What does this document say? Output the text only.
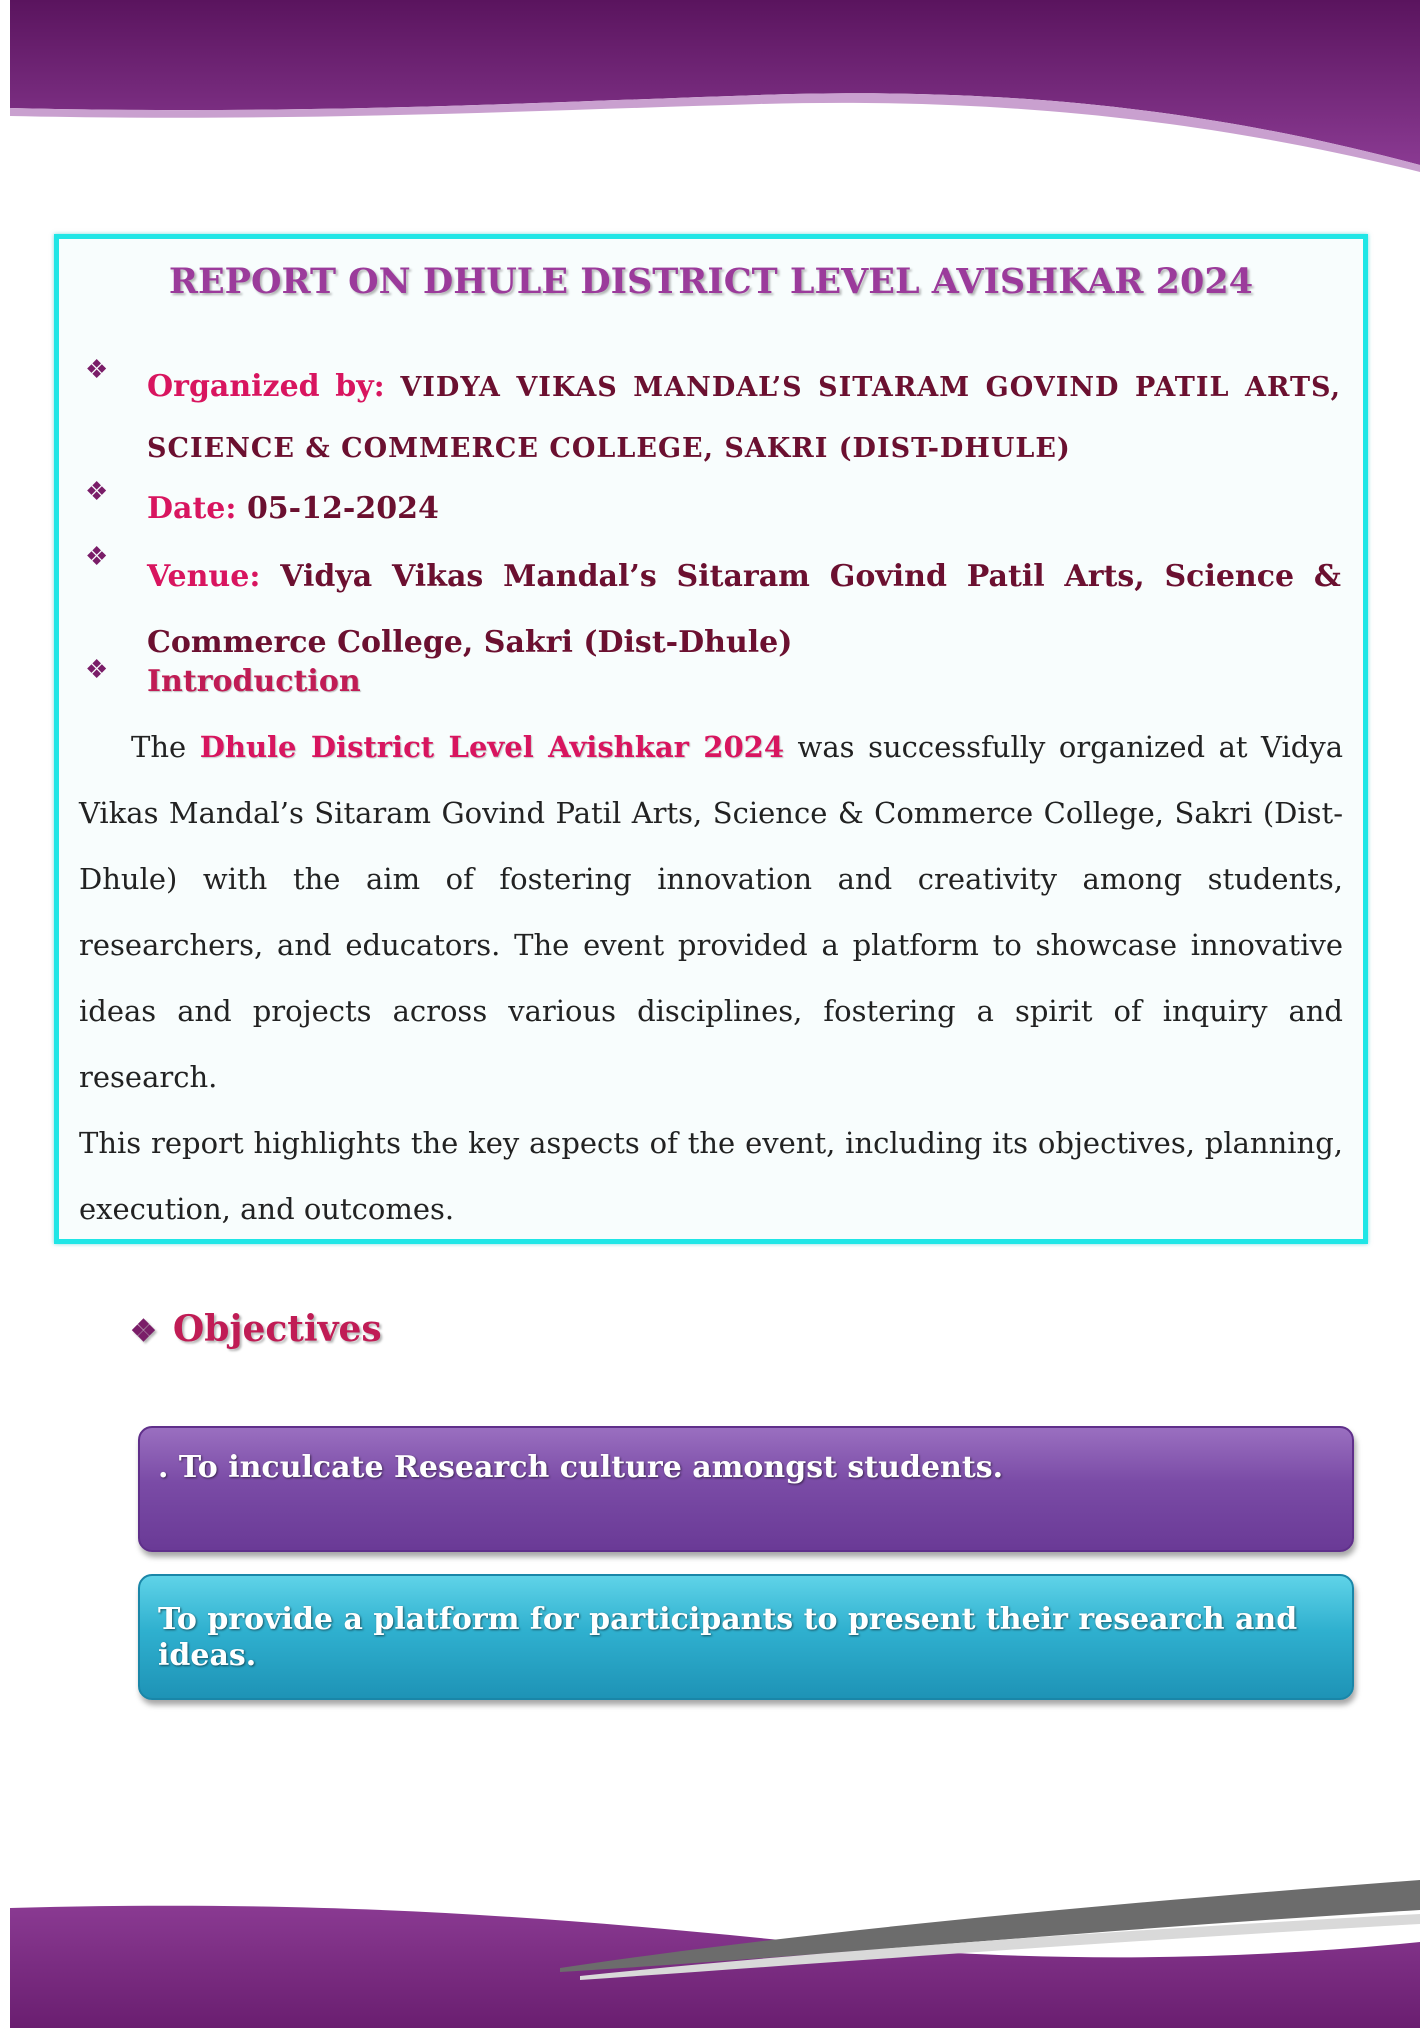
REPORT ON DHULE DISTRICT LEVEL AVISHKAR 2024
❖ Organized by: VIDYA VIKAS MANDAL’S SITARAM GOVIND PATIL ARTS, SCIENCE & COMMERCE COLLEGE, SAKRI (DIST-DHULE)
❖ Date: 05-12-2024
❖
Venue: Vidya Vikas Mandal’s Sitaram Govind Patil Arts, Science & Commerce College, Sakri (Dist-Dhule)
❖ Introduction
The Dhule District Level Avishkar 2024 was successfully organized at Vidya Vikas Mandal’s Sitaram Govind Patil Arts, Science & Commerce College, Sakri (Dist-Dhule) with the aim of fostering innovation and creativity among students, researchers, and educators. The event provided a platform to showcase innovative ideas and projects across various disciplines, fostering a spirit of inquiry and research.
This report highlights the key aspects of the event, including its objectives, planning, execution, and outcomes.
❖ Objectives
. To inculcate Research culture amongst students.
To provide a platform for participants to present their research and ideas.
